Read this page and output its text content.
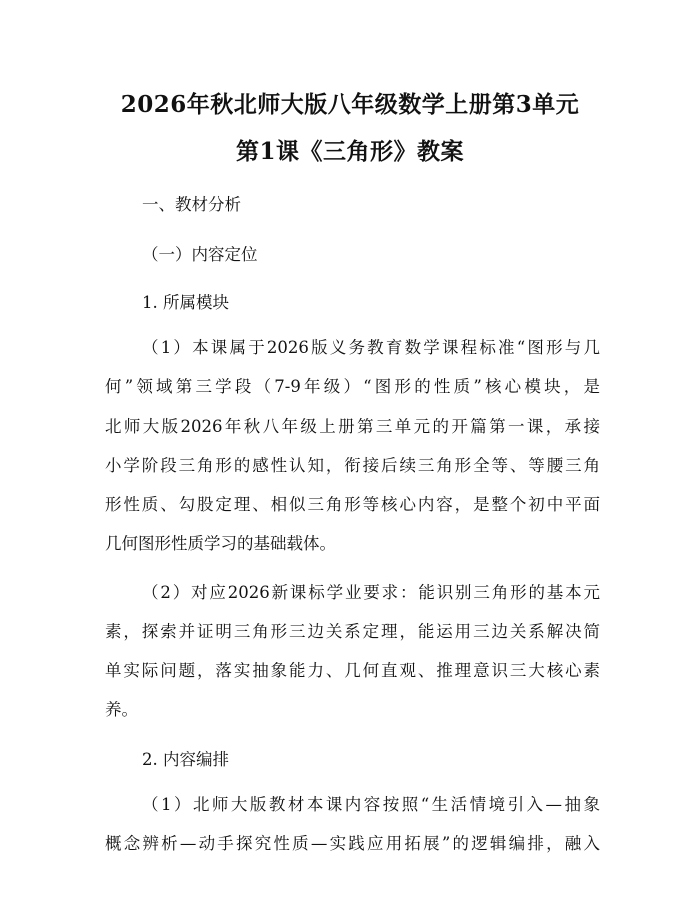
2026年秋北师大版八年级数学上册第3单元
第1课《三角形》教案
一、教材分析
（一）内容定位
1. 所属模块
（1）本课属于2026版义务教育数学课程标准“图形与几
何”领域第三学段（7-9年级）“图形的性质”核心模块，是
北师大版2026年秋八年级上册第三单元的开篇第一课，承接
小学阶段三角形的感性认知，衔接后续三角形全等、等腰三角
形性质、勾股定理、相似三角形等核心内容，是整个初中平面
几何图形性质学习的基础载体。
（2）对应2026新课标学业要求：能识别三角形的基本元
素，探索并证明三角形三边关系定理，能运用三边关系解决简
单实际问题，落实抽象能力、几何直观、推理意识三大核心素
养。
2. 内容编排
（1）北师大版教材本课内容按照“生活情境引入—抽象
概念辨析—动手探究性质—实践应用拓展”的逻辑编排，融入
